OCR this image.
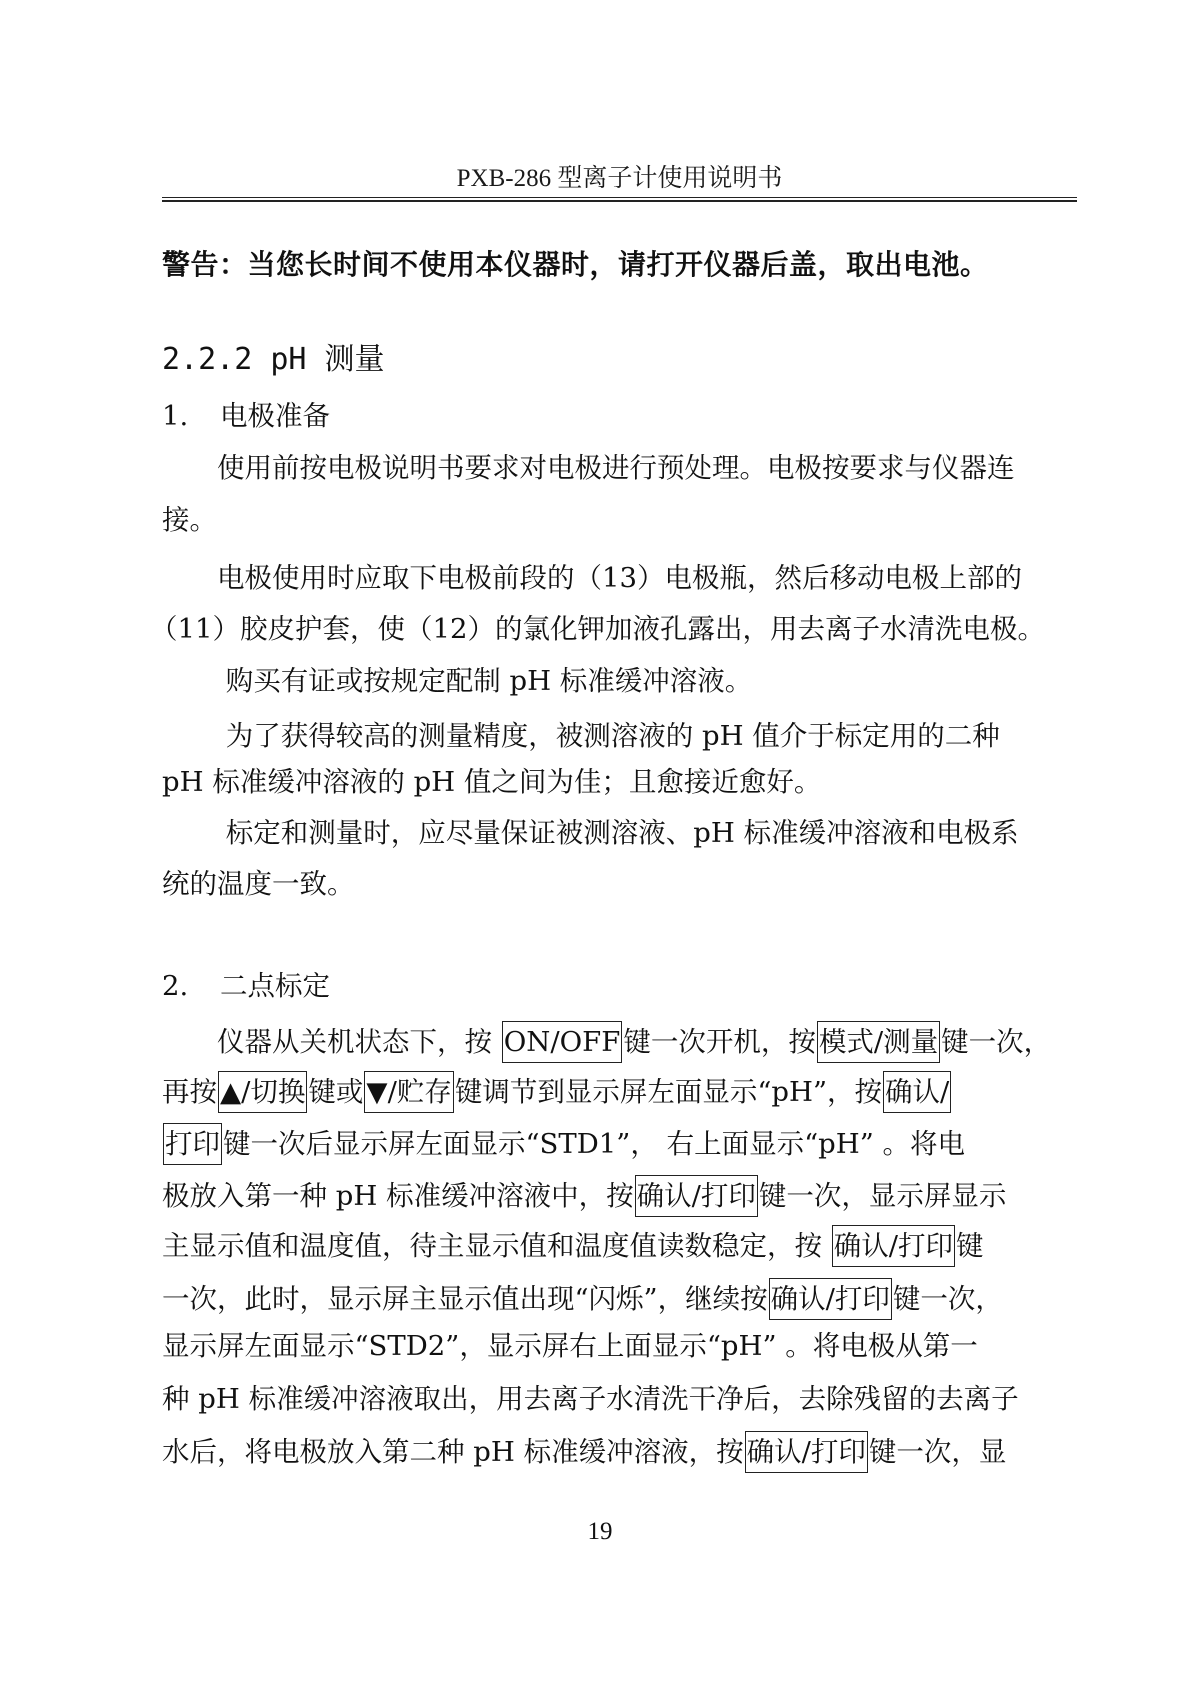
PXB-286 型离子计使用说明书
警告：当您长时间不使用本仪器时，请打开仪器后盖，取出电池。
2.2.2 pH 测量
1. 电极准备
　　使用前按电极说明书要求对电极进行预处理。电极按要求与仪器连
接。
　　电极使用时应取下电极前段的（13）电极瓶，然后移动电极上部的
（11）胶皮护套，使（12）的氯化钾加液孔露出，用去离子水清洗电极。
　　 购买有证或按规定配制 pH 标准缓冲溶液。
　　 为了获得较高的测量精度，被测溶液的 pH 值介于标定用的二种
pH 标准缓冲溶液的 pH 值之间为佳；且愈接近愈好。
　　 标定和测量时，应尽量保证被测溶液、pH 标准缓冲溶液和电极系
统的温度一致。
2. 二点标定
　　仪器从关机状态下，按 ON/OFF 键一次开机，按 模式/测量 键一次，
再按 ▲/切换 键或 ▼/贮存 键调节到显示屏左面显示“pH”，按 确认/
打印 键一次后显示屏左面显示“STD1”， 右上面显示“pH” 。将电
极放入第一种 pH 标准缓冲溶液中，按 确认/打印 键一次，显示屏显示
主显示值和温度值，待主显示值和温度值读数稳定，按 确认/打印 键
一次，此时，显示屏主显示值出现“闪烁”，继续按 确认/打印 键一次，
显示屏左面显示“STD2”，显示屏右上面显示“pH” 。将电极从第一
种 pH 标准缓冲溶液取出，用去离子水清洗干净后，去除残留的去离子
水后，将电极放入第二种 pH 标准缓冲溶液，按 确认/打印 键一次，显
19
